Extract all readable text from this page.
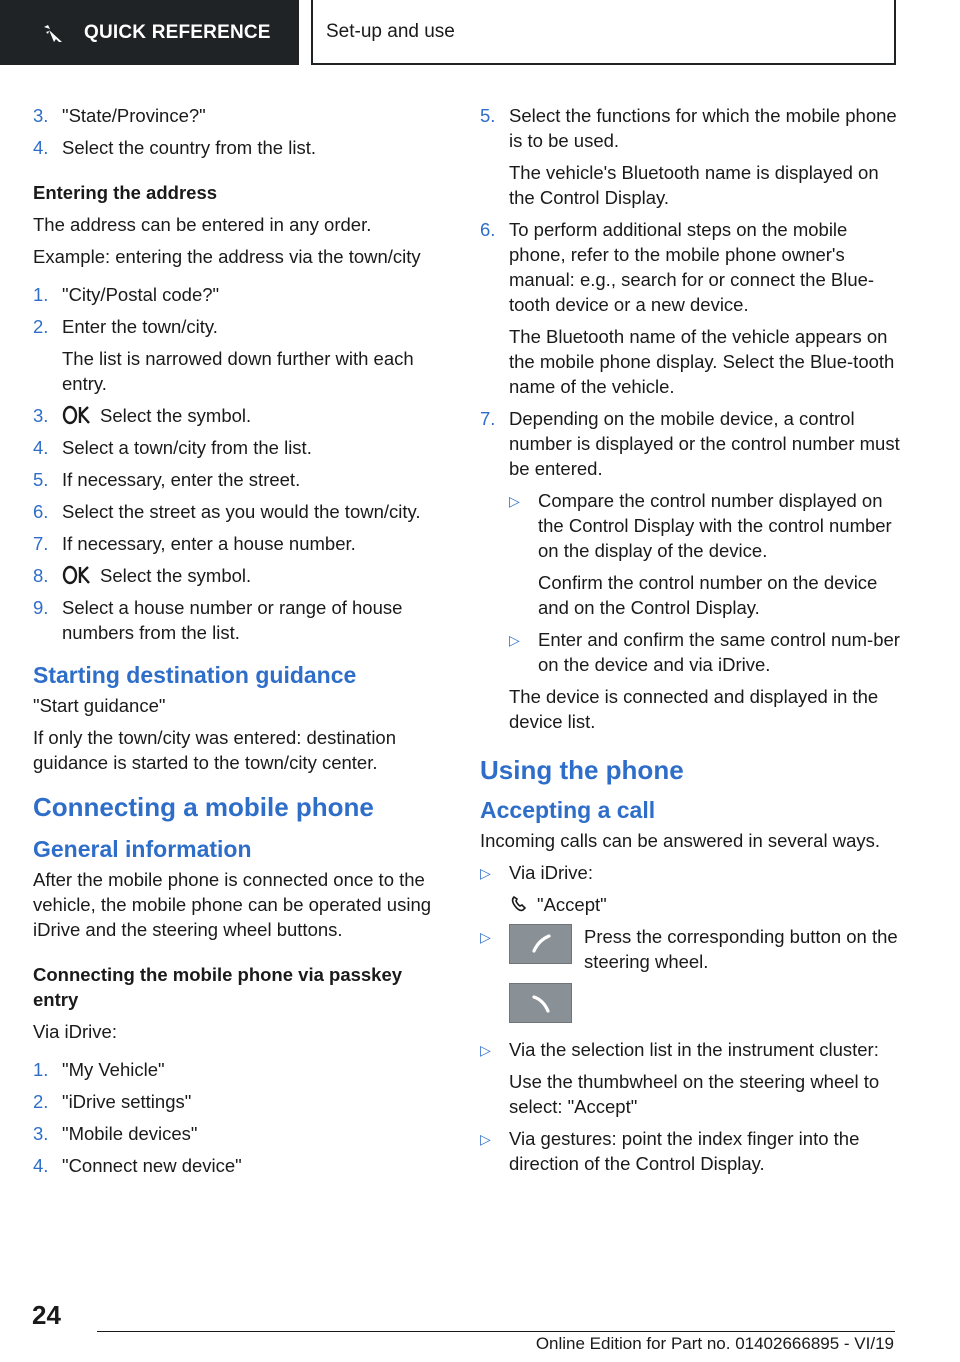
QUICK REFERENCE	Set-up and use
3. "State/Province?"

4. Select the country from the list.

Entering the address

The address can be entered in any order.

Example: entering the address via the town/city

1. "City/Postal code?"

2. Enter the town/city.

The list is narrowed down further with each entry.

3.	Select the symbol.

4. Select a town/city from the list.

5. If necessary, enter the street.

6. Select the street as you would the town/city.

7. If necessary, enter a house number.

8.	Select the symbol.

9. Select a house number or range of house numbers from the list.

Starting destination guidance

"Start guidance"

If only the town/city was entered: destination guidance is started to the town/city center.

Connecting a mobile phone

General information

After the mobile phone is connected once to the vehicle, the mobile phone can be operated using iDrive and the steering wheel buttons.

Connecting the mobile phone via passkey entry

Via iDrive:

1. "My Vehicle"

2. "iDrive settings"

3. "Mobile devices"

4. "Connect new device"

5. Select the functions for which the mobile phone is to be used.

The vehicle's Bluetooth name is displayed on the Control Display.

6. To perform additional steps on the mobile phone, refer to the mobile phone owner's manual: e.g., search for or connect the Blue‐tooth device or a new device.

The Bluetooth name of the vehicle appears on the mobile phone display. Select the Blue‐tooth name of the vehicle.

7. Depending on the mobile device, a control number is displayed or the control number must be entered.

▷ Compare the control number displayed on the Control Display with the control number on the display of the device.

Confirm the control number on the device and on the Control Display.

▷ Enter and confirm the same control num‐ber on the device and via iDrive.

The device is connected and displayed in the device list.

Using the phone

Accepting a call

Incoming calls can be answered in several ways.

▷ Via iDrive:

"Accept"

▷	Press the corresponding button on the steering wheel.

▷ Via the selection list in the instrument cluster:

Use the thumbwheel on the steering wheel to select: "Accept"

▷ Via gestures: point the index finger into the direction of the Control Display.

24
Online Edition for Part no. 01402666895 - VI/19
